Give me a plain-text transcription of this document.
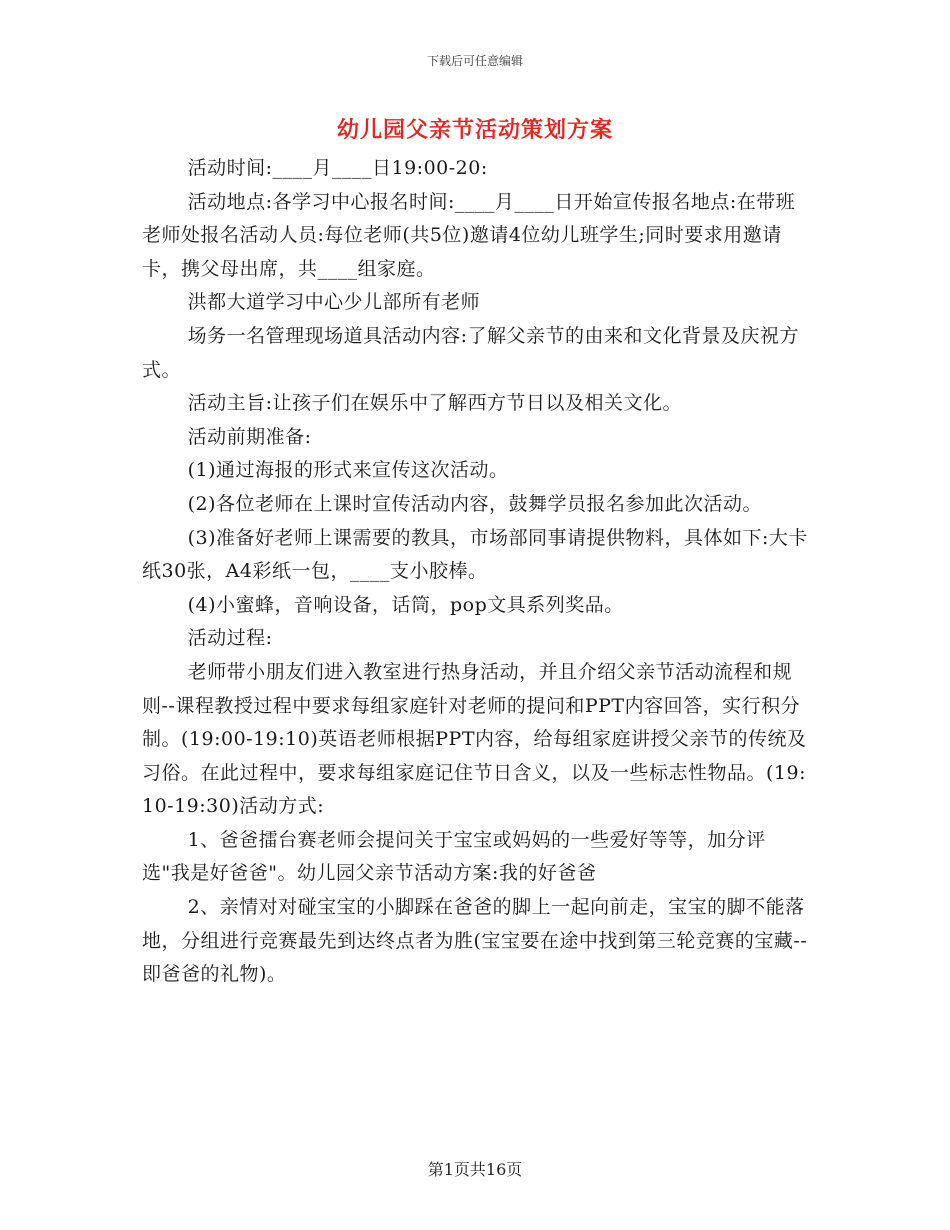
下载后可任意编辑
幼儿园父亲节活动策划方案

活动时间:____月____日19:00-20:

活动地点:各学习中心报名时间:____月____日开始宣传报名地点:在带班老师处报名活动人员:每位老师(共5位)邀请4位幼儿班学生;同时要求用邀请卡，携父母出席，共____组家庭。

洪都大道学习中心少儿部所有老师

场务一名管理现场道具活动内容:了解父亲节的由来和文化背景及庆祝方式。

活动主旨:让孩子们在娱乐中了解西方节日以及相关文化。

活动前期准备:

(1)通过海报的形式来宣传这次活动。

(2)各位老师在上课时宣传活动内容，鼓舞学员报名参加此次活动。

(3)准备好老师上课需要的教具，市场部同事请提供物料，具体如下:大卡纸30张，A4彩纸一包，____支小胶棒。

(4)小蜜蜂，音响设备，话筒，pop文具系列奖品。

活动过程:

老师带小朋友们进入教室进行热身活动，并且介绍父亲节活动流程和规则--课程教授过程中要求每组家庭针对老师的提问和PPT内容回答，实行积分制。(19:00-19:10)英语老师根据PPT内容，给每组家庭讲授父亲节的传统及习俗。在此过程中，要求每组家庭记住节日含义，以及一些标志性物品。(19:10-19:30)活动方式:

1、爸爸擂台赛老师会提问关于宝宝或妈妈的一些爱好等等，加分评选"我是好爸爸"。幼儿园父亲节活动方案:我的好爸爸

2、亲情对对碰宝宝的小脚踩在爸爸的脚上一起向前走，宝宝的脚不能落地，分组进行竞赛最先到达终点者为胜(宝宝要在途中找到第三轮竞赛的宝藏--即爸爸的礼物)。

第1页共16页
